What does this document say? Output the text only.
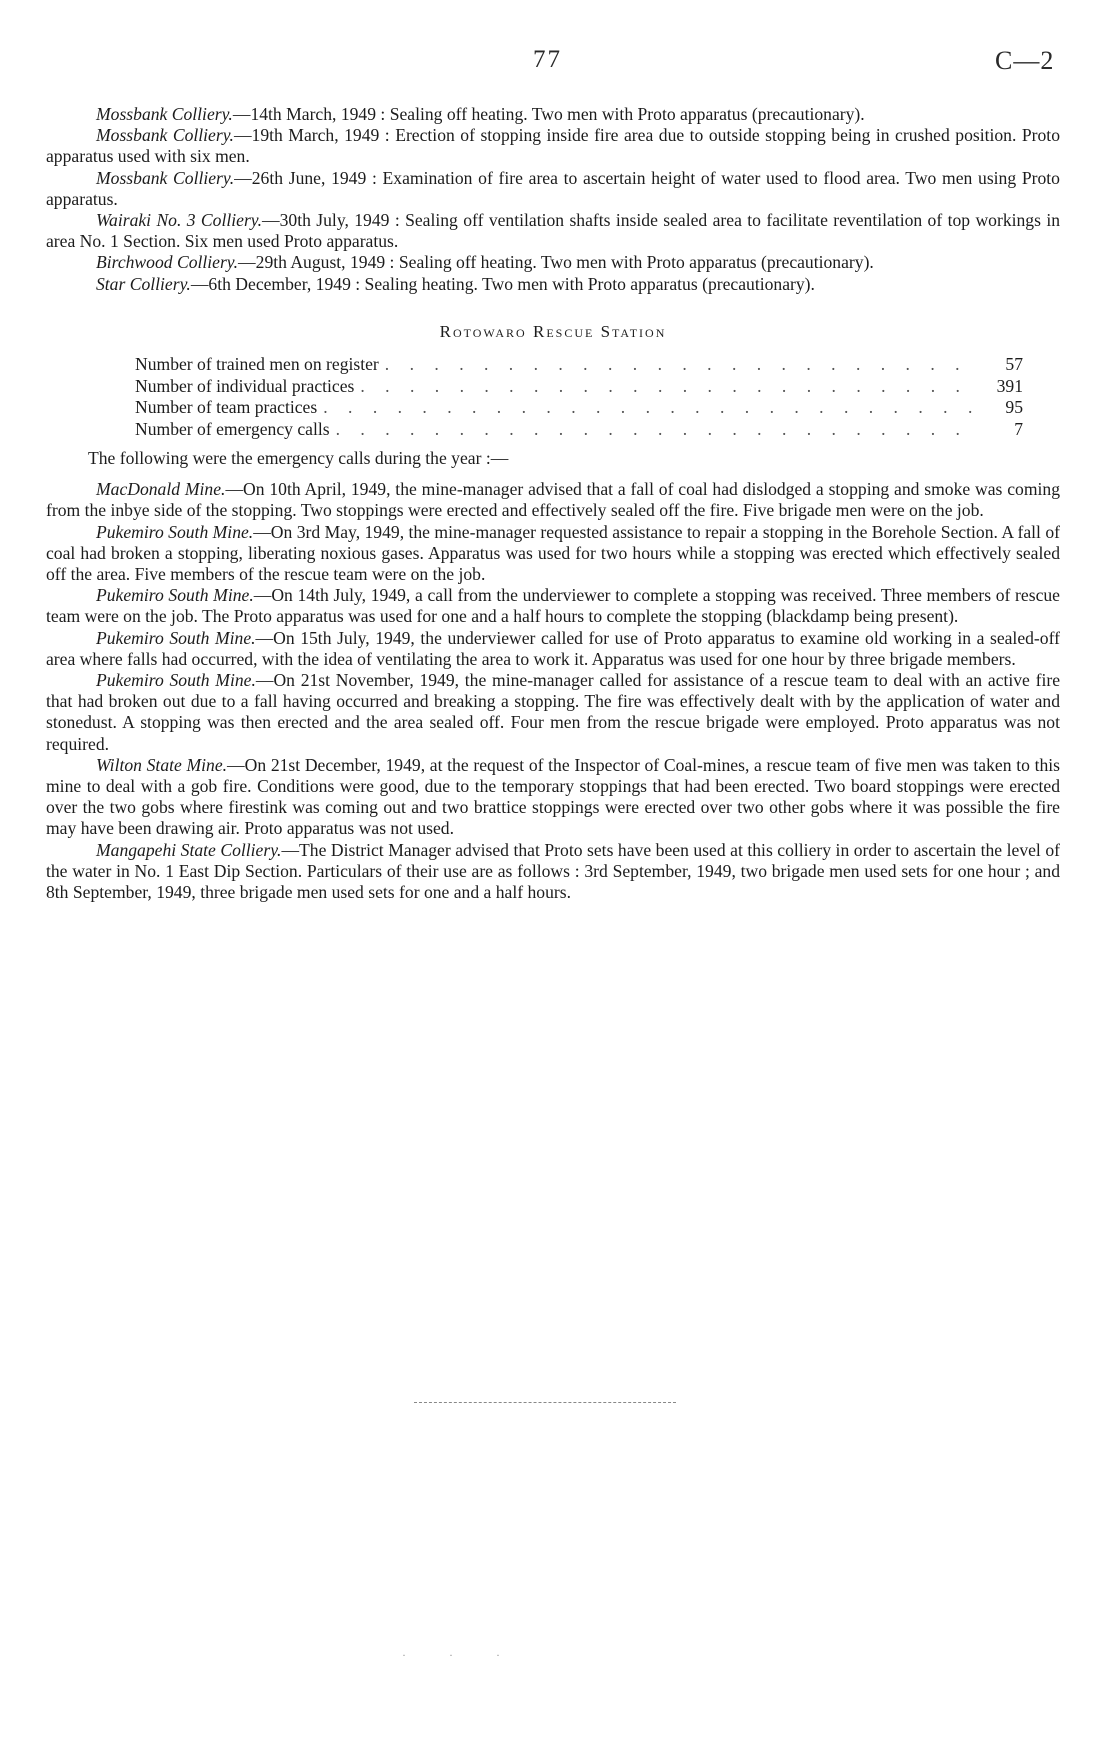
77	C—2

Mossbank Colliery.—14th March, 1949 : Sealing off heating. Two men with Proto apparatus (precautionary).

Mossbank Colliery.—19th March, 1949 : Erection of stopping inside fire area due to outside stopping being in crushed position. Proto apparatus used with six men.

Mossbank Colliery.—26th June, 1949 : Examination of fire area to ascertain height of water used to flood area. Two men using Proto apparatus.

Wairaki No. 3 Colliery.—30th July, 1949 : Sealing off ventilation shafts inside sealed area to facilitate reventilation of top workings in area No. 1 Section. Six men used Proto apparatus.

Birchwood Colliery.—29th August, 1949 : Sealing off heating. Two men with Proto apparatus (precautionary).

Star Colliery.—6th December, 1949 : Sealing heating. Two men with Proto apparatus (precautionary).

Rotowaro Rescue Station
Number of trained men on register . . .	57
Number of individual practices . . .	391
Number of team practices . . .	95
Number of emergency calls . . .	7

The following were the emergency calls during the year :—

MacDonald Mine.—On 10th April, 1949, the mine-manager advised that a fall of coal had dislodged a stopping and smoke was coming from the inbye side of the stopping. Two stoppings were erected and effectively sealed off the fire. Five brigade men were on the job.

Pukemiro South Mine.—On 3rd May, 1949, the mine-manager requested assistance to repair a stopping in the Borehole Section. A fall of coal had broken a stopping, liberating noxious gases. Apparatus was used for two hours while a stopping was erected which effectively sealed off the area. Five members of the rescue team were on the job.

Pukemiro South Mine.—On 14th July, 1949, a call from the underviewer to complete a stopping was received. Three members of rescue team were on the job. The Proto apparatus was used for one and a half hours to complete the stopping (blackdamp being present).

Pukemiro South Mine.—On 15th July, 1949, the underviewer called for use of Proto apparatus to examine old working in a sealed-off area where falls had occurred, with the idea of ventilating the area to work it. Apparatus was used for one hour by three brigade members.

Pukemiro South Mine.—On 21st November, 1949, the mine-manager called for assistance of a rescue team to deal with an active fire that had broken out due to a fall having occurred and breaking a stopping. The fire was effectively dealt with by the application of water and stonedust. A stopping was then erected and the area sealed off. Four men from the rescue brigade were employed. Proto apparatus was not required.

Wilton State Mine.—On 21st December, 1949, at the request of the Inspector of Coal-mines, a rescue team of five men was taken to this mine to deal with a gob fire. Conditions were good, due to the temporary stoppings that had been erected. Two board stoppings were erected over the two gobs where firestink was coming out and two brattice stoppings were erected over two other gobs where it was possible the fire may have been drawing air. Proto apparatus was not used.

Mangapehi State Colliery.—The District Manager advised that Proto sets have been used at this colliery in order to ascertain the level of the water in No. 1 East Dip Section. Particulars of their use are as follows : 3rd September, 1949, two brigade men used sets for one hour ; and 8th September, 1949, three brigade men used sets for one and a half hours.

· · ·
